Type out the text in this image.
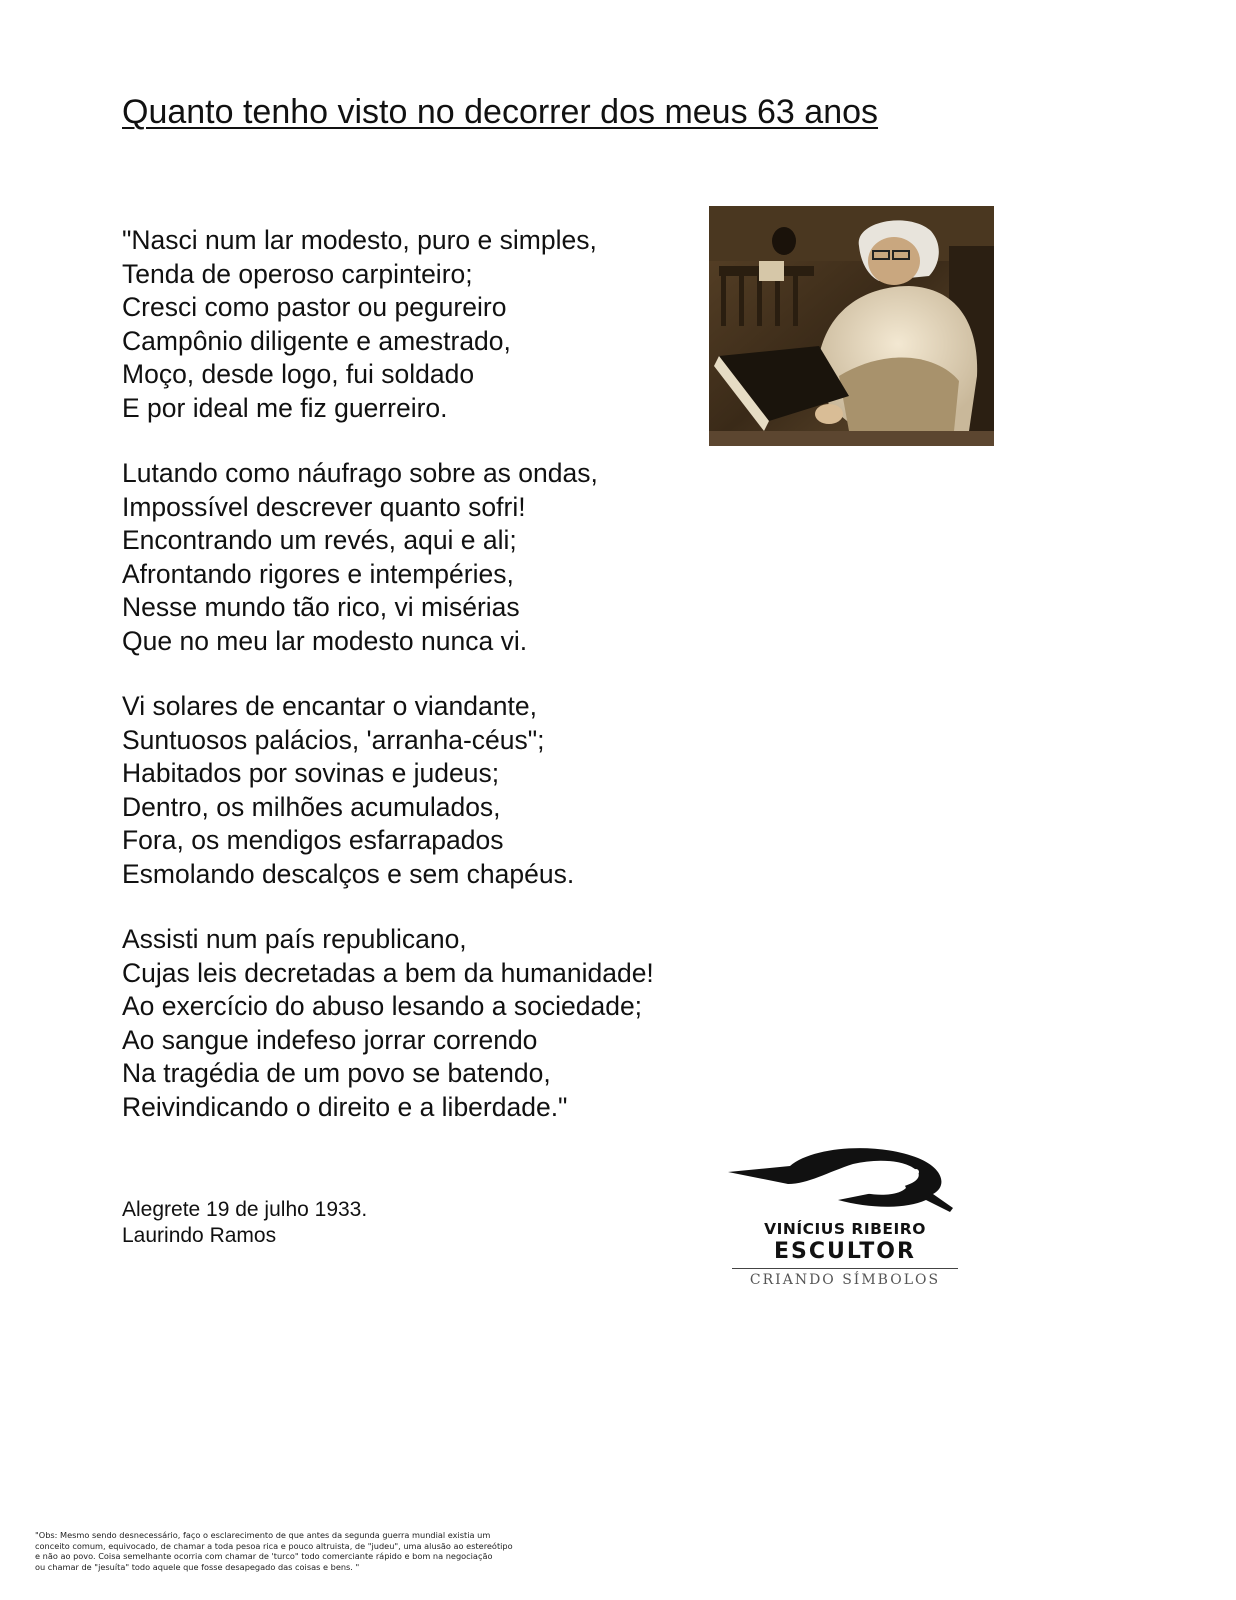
Quanto tenho visto no decorrer dos meus 63 anos
"Nasci num lar modesto, puro e simples,
Tenda de operoso carpinteiro;
Cresci como pastor ou pegureiro
Campônio diligente e amestrado,
Moço, desde logo, fui soldado
E por ideal me fiz guerreiro.
Lutando como náufrago sobre as ondas,
Impossível descrever quanto sofri!
Encontrando um revés, aqui e ali;
Afrontando rigores e intempéries,
Nesse mundo tão rico, vi misérias
Que no meu lar modesto nunca vi.
Vi solares de encantar o viandante,
Suntuosos palácios, 'arranha-céus";
Habitados por sovinas e judeus;
Dentro, os milhões acumulados,
Fora, os mendigos esfarrapados
Esmolando descalços e sem chapéus.
Assisti num país republicano,
Cujas leis decretadas a bem da humanidade!
Ao exercício do abuso lesando a sociedade;
Ao sangue indefeso jorrar correndo
Na tragédia de um povo se batendo,
Reivindicando o direito e a liberdade."
Alegrete 19 de julho 1933.
Laurindo Ramos	VINÍCIUS RIBEIRO
ESCULTOR
CRIANDO SÍMBOLOS
"Obs: Mesmo sendo desnecessário, faço o esclarecimento de que antes da segunda guerra mundial existia um
conceito comum, equivocado, de chamar a toda pesoa rica e pouco altruista, de "judeu", uma alusão ao estereótipo
e não ao povo. Coisa semelhante ocorria com chamar de 'turco" todo comerciante rápido e bom na negociação
ou chamar de "jesuíta" todo aquele que fosse desapegado das coisas e bens. "
